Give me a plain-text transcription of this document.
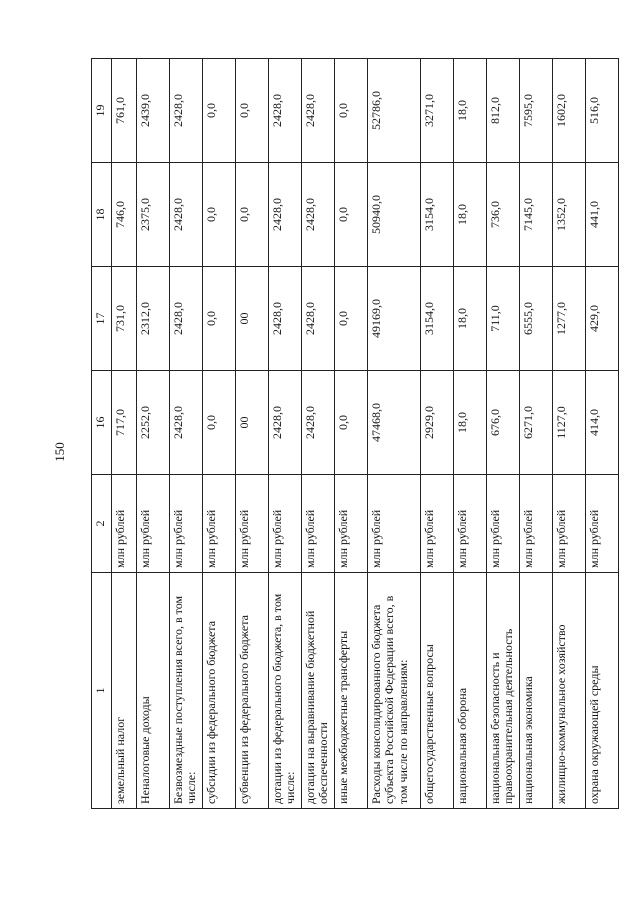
150
1	2	16	17	18	19
земельный налог	млн рублей	717,0	731,0	746,0	761,0
Неналоговые доходы	млн рублей	2252,0	2312,0	2375,0	2439,0
Безвозмездные поступления всего, в том числе:	млн рублей	2428,0	2428,0	2428,0	2428,0
субсидии из федерального бюджета	млн рублей	0,0	0,0	0,0	0,0
субвенции из федерального бюджета	млн рублей	00	00	0,0	0,0
дотации из федерального бюджета, в том числе:	млн рублей	2428,0	2428,0	2428,0	2428,0
дотации на выравнивание бюджетной обеспеченности	млн рублей	2428,0	2428,0	2428,0	2428,0
иные межбюджетные трансферты	млн рублей	0,0	0,0	0,0	0,0
Расходы консолидированного бюджета субъекта Российской Федерации всего, в том числе по направлениям:	млн рублей	47468,0	49169,0	50940,0	52786,0
общегосударственные вопросы	млн рублей	2929,0	3154,0	3154,0	3271,0
национальная оборона	млн рублей	18,0	18,0	18,0	18,0
национальная безопасность и правоохранительная деятельность	млн рублей	676,0	711,0	736,0	812,0
национальная экономика	млн рублей	6271,0	6555,0	7145,0	7595,0
жилищно-коммунальное хозяйство	млн рублей	1127,0	1277,0	1352,0	1602,0
охрана окружающей среды	млн рублей	414,0	429,0	441,0	516,0
